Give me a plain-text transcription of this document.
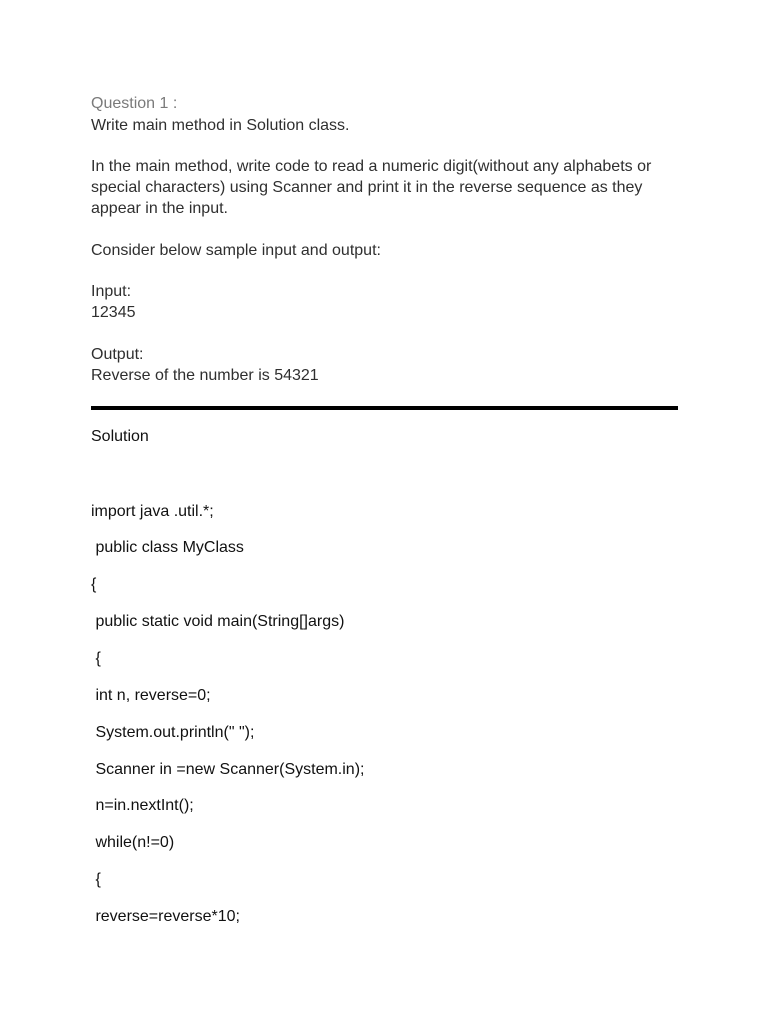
Question 1 :
Write main method in Solution class.
In the main method, write code to read a numeric digit(without any alphabets or special characters) using Scanner and print it in the reverse sequence as they appear in the input.
Consider below sample input and output:
Input:
12345
Output:
Reverse of the number is 54321
Solution
import java .util.*;
public class MyClass
{
public static void main(String[]args)
{
int n, reverse=0;
System.out.println(" ");
Scanner in =new Scanner(System.in);
n=in.nextInt();
while(n!=0)
{
reverse=reverse*10;
